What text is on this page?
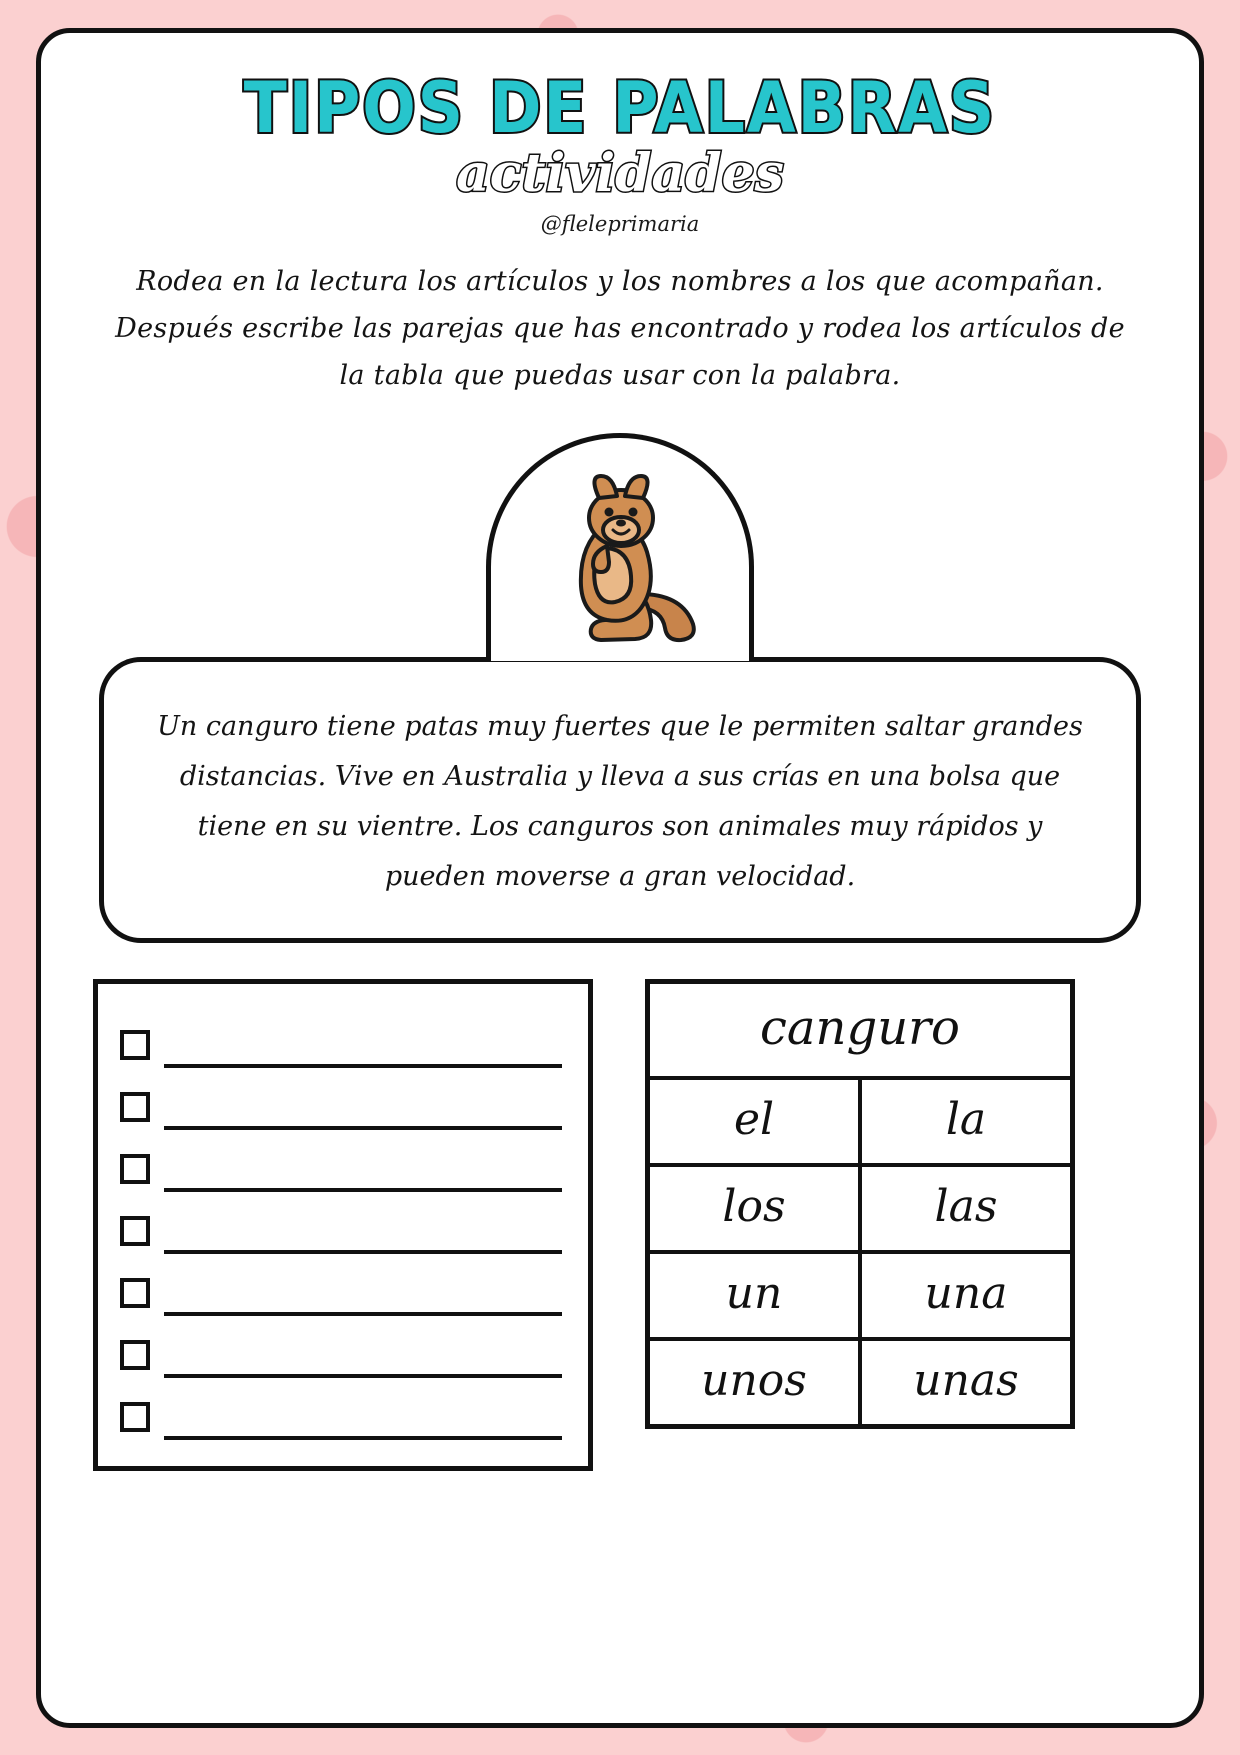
TIPOS DE PALABRAS
actividades
@fleleprimaria

Rodea en la lectura los artículos y los nombres a los que acompañan. Después escribe las parejas que has encontrado y rodea los artículos de la tabla que puedas usar con la palabra.

Un canguro tiene patas muy fuertes que le permiten saltar grandes distancias. Vive en Australia y lleva a sus crías en una bolsa que tiene en su vientre. Los canguros son animales muy rápidos y pueden moverse a gran velocidad.
canguro	
el	la
los	las
un	una
unos	unas
